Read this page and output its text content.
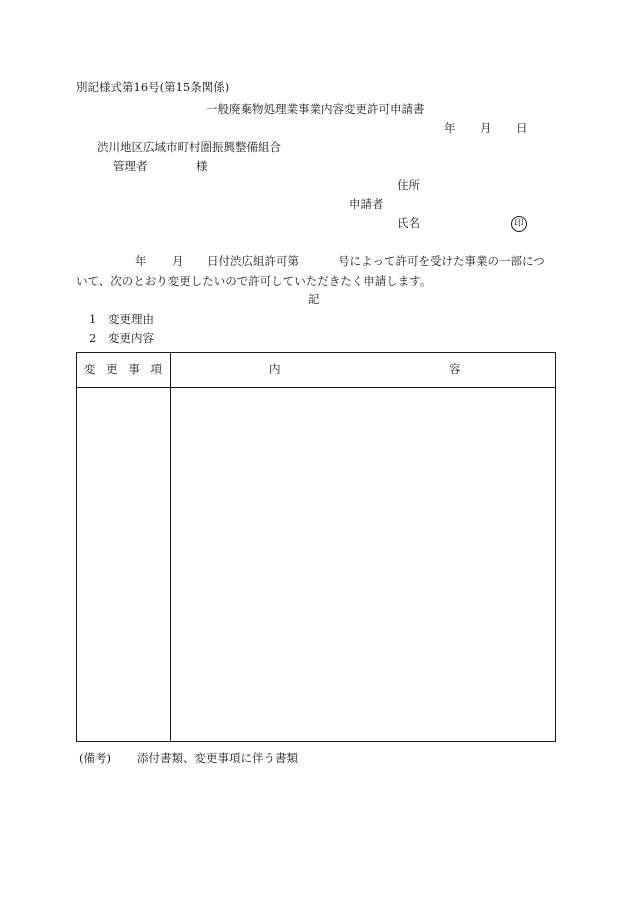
別記様式第16号(第15条関係)
一般廃棄物処理業事業内容変更許可申請書
年 月 日
渋川地区広域市町村圏振興整備組合
管理者	様
住所
申請者
氏名	印
年 月 日付渋広組許可第	号によって許可を受けた事業の一部につ
いて、次のとおり変更したいので許可していただきたく申請します。
記
1 変更理由
2 変更内容
変 更 事 項	内 容

(備考) 添付書類、変更事項に伴う書類
